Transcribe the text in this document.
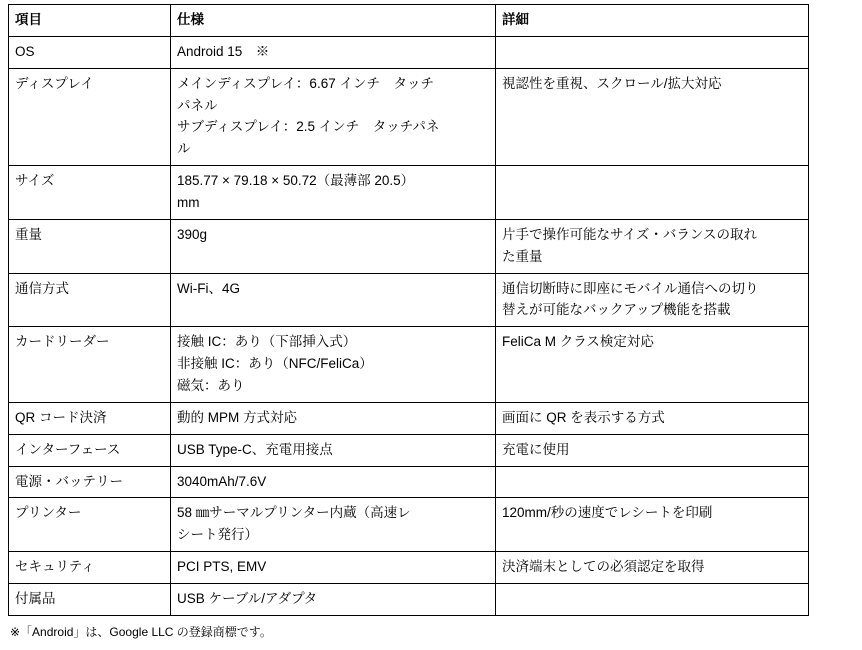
項目	仕様	詳細
OS	Android 15　※	

ディスプレイ	メインディスプレイ：6.67 インチ　タッチ
パネル
サブディスプレイ：2.5 インチ　タッチパネ
ル	視認性を重視、スクロール/拡大対応

サイズ	185.77 × 79.18 × 50.72（最薄部 20.5）
mm	

重量	390g	片手で操作可能なサイズ・バランスの取れ
た重量

通信方式	Wi-Fi、4G	通信切断時に即座にモバイル通信への切り
替えが可能なバックアップ機能を搭載

カードリーダー	接触 IC：あり（下部挿入式）
非接触 IC：あり（NFC/FeliCa）
磁気：あり	FeliCa M クラス検定対応

QR コード決済	動的 MPM 方式対応	画面に QR を表示する方式

インターフェース	USB Type-C、充電用接点	充電に使用

電源・バッテリー	3040mAh/7.6V	

プリンター	58 ㎜サーマルプリンター内蔵（高速レ
シート発行）	120mm/秒の速度でレシートを印刷

セキュリティ	PCI PTS, EMV	決済端末としての必須認定を取得

付属品	USB ケーブル/アダプタ	

※「Android」は、Google LLC の登録商標です。
